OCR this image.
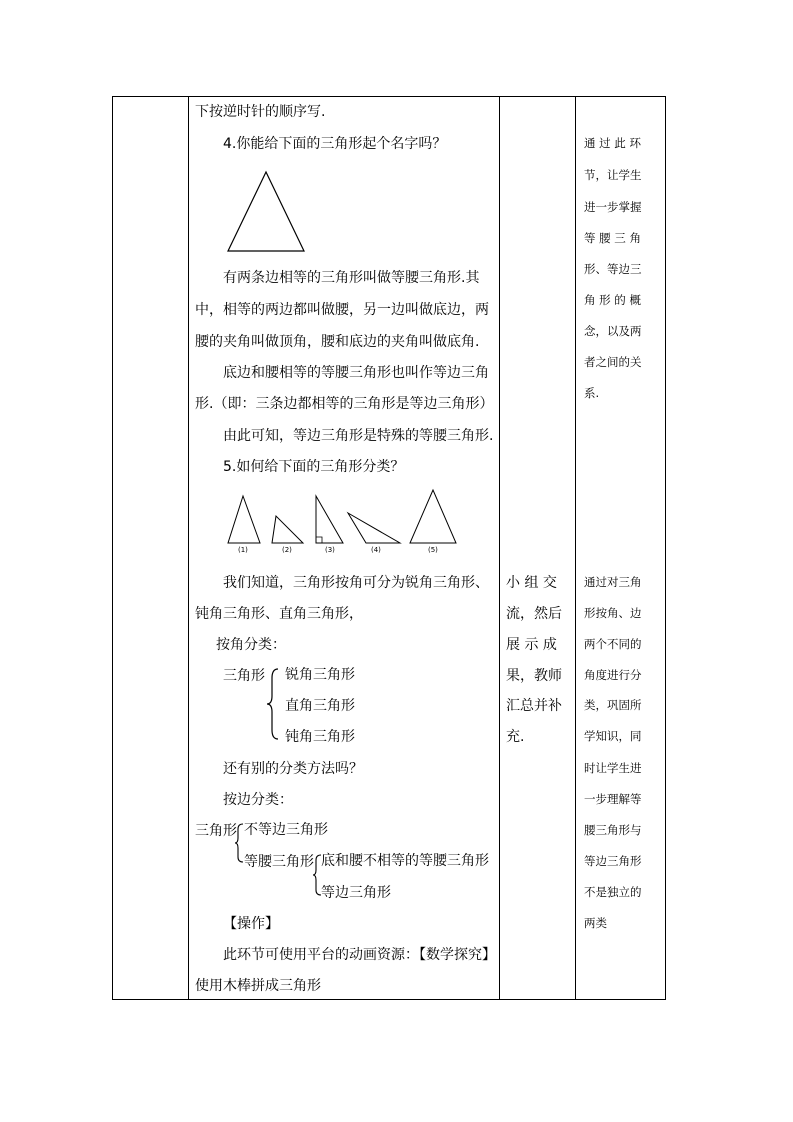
下按逆时针的顺序写.
4.你能给下面的三角形起个名字吗？
有两条边相等的三角形叫做等腰三角形.其
中，相等的两边都叫做腰，另一边叫做底边，两
腰的夹角叫做顶角，腰和底边的夹角叫做底角.
底边和腰相等的等腰三角形也叫作等边三角
形.（即：三条边都相等的三角形是等边三角形）
由此可知，等边三角形是特殊的等腰三角形.
5.如何给下面的三角形分类？
(1)	(2)	(3)	(4)	(5)
我们知道，三角形按角可分为锐角三角形、
钝角三角形、直角三角形，
按角分类：
三角形 锐角三角形
直角三角形
钝角三角形
还有别的分类方法吗？
按边分类：
三角形 不等边三角形
等腰三角形 底和腰不相等的等腰三角形
等边三角形
【操作】
此环节可使用平台的动画资源：【数学探究】
使用木棒拼成三角形
小 组 交
流，然后
展 示 成
果，教师
汇总并补
充.
通 过 此 环
节，让学生
进一步掌握
等 腰 三 角
形、等边三
角 形 的 概
念，以及两
者之间的关
系.
通过对三角
形按角、边
两个不同的
角度进行分
类，巩固所
学知识，同
时让学生进
一步理解等
腰三角形与
等边三角形
不是独立的
两类
